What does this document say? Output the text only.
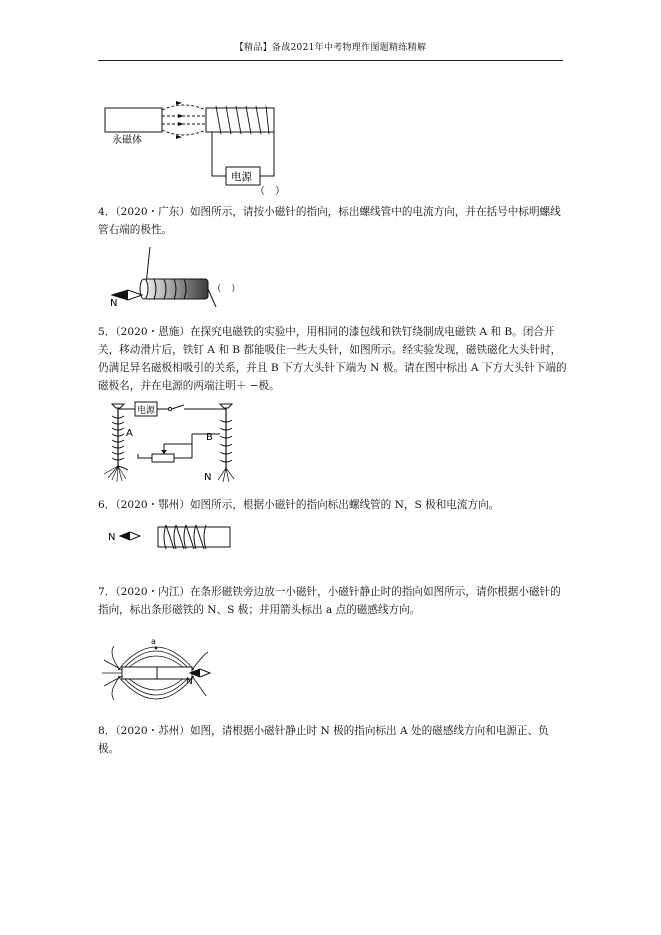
【精品】备战2021年中考物理作图题精练精解
永磁体
电源
（　）
4．（2020・广东）如图所示，请按小磁针的指向，标出螺线管中的电流方向，并在括号中标明螺线管右端的极性。
N
（　）
5．（2020・恩施）在探究电磁铁的实验中，用相同的漆包线和铁钉绕制成电磁铁 A 和 B。闭合开关，移动滑片后，铁钉 A 和 B 都能吸住一些大头针，如图所示。经实验发现，磁铁磁化大头针时，仍满足异名磁极相吸引的关系，并且 B 下方大头针下端为 N 极。请在图中标出 A 下方大头针下端的磁极名，并在电源的两端注明＋ −极。
电源
A	B
N
6．（2020・鄂州）如图所示，根据小磁针的指向标出螺线管的 N，S 极和电流方向。
N
7．（2020・内江）在条形磁铁旁边放一小磁针，小磁针静止时的指向如图所示，请你根据小磁针的指向，标出条形磁铁的 N、S 极；并用箭头标出 a 点的磁感线方向。
a
N
8．（2020・苏州）如图，请根据小磁针静止时 N 极的指向标出 A 处的磁感线方向和电源正、负极。
